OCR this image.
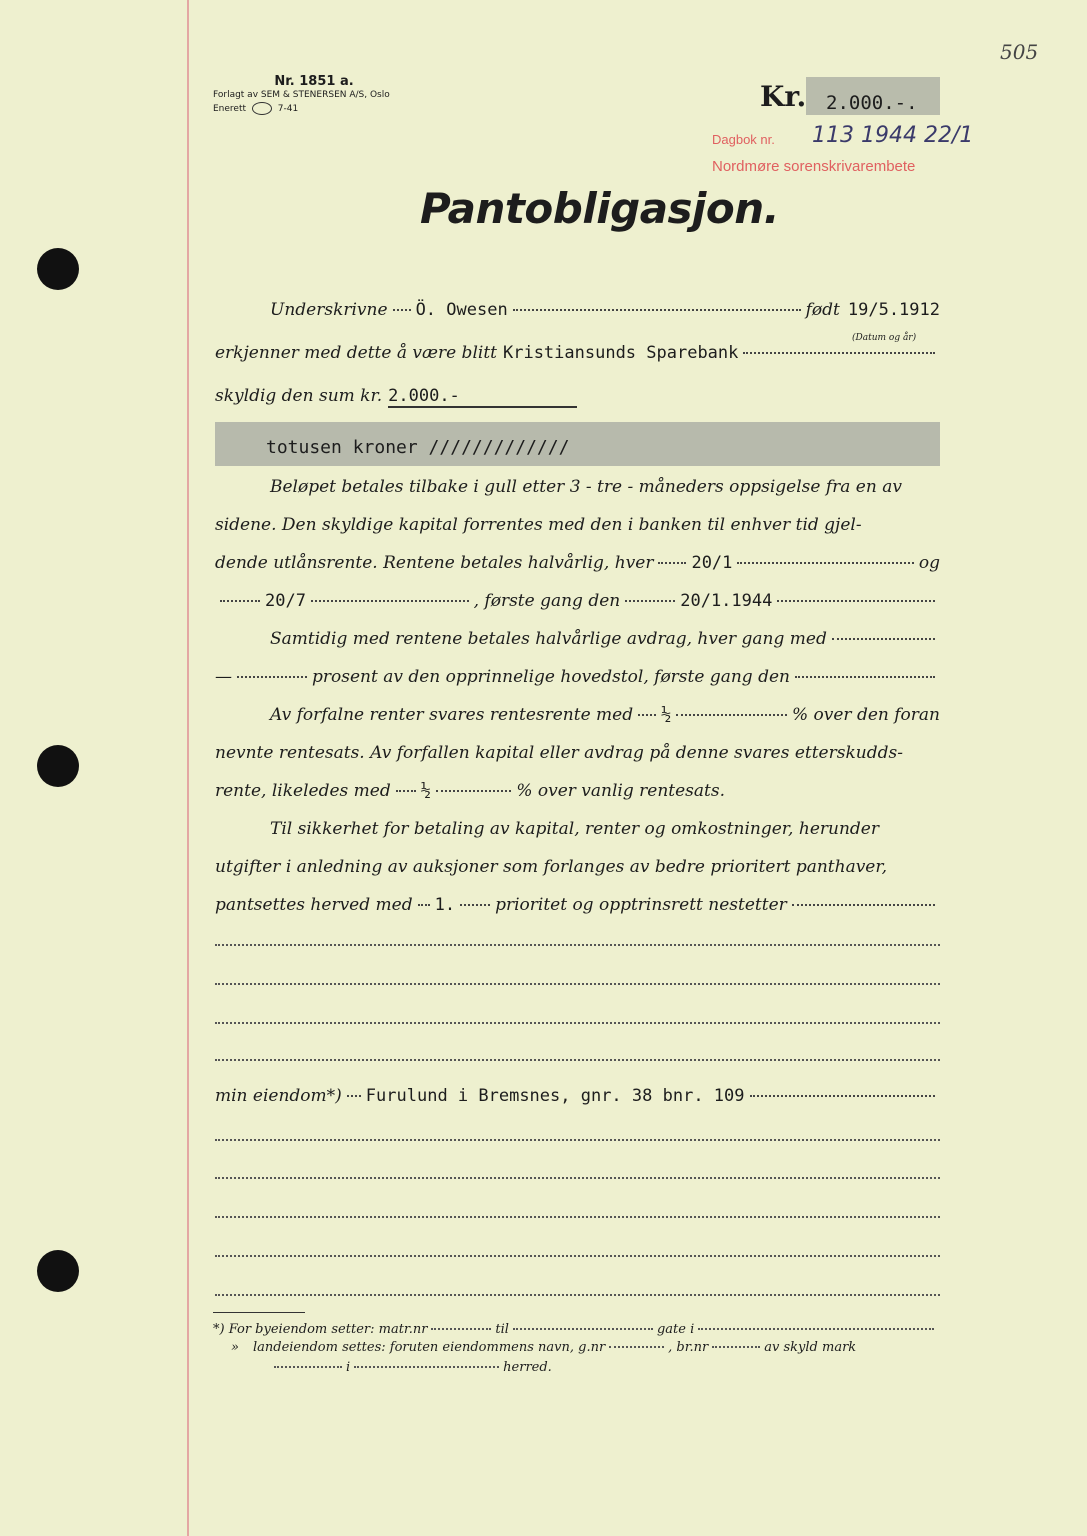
505
Nr. 1851 a.
Forlagt av SEM & STENERSEN A/S, Oslo
Enerett	7-41	Kr. 2.000.-.
Dagbok nr. 113 1944 22/1
Nordmøre sorenskrivarembete
Pantobligasjon.
Underskrivne Ö. Owesen	født 19/5.1912
(Datum og år)
erkjenner med dette å være blitt Kristiansunds Sparebank
skyldig den sum kr. 2.000.-
totusen kroner /////////////
Beløpet betales tilbake i gull etter 3 - tre - måneders oppsigelse fra en av
sidene. Den skyldige kapital forrentes med den i banken til enhver tid gjel-
dende utlånsrente. Rentene betales halvårlig, hver 20/1	og
20/7	, første gang den	20/1.1944
Samtidig med rentene betales halvårlige avdrag, hver gang med
—	prosent av den opprinnelige hovedstol, første gang den
Av forfalne renter svares rentesrente med ½	% over den foran
nevnte rentesats. Av forfallen kapital eller avdrag på denne svares etterskudds-
rente, likeledes med ½	% over vanlig rentesats.
Til sikkerhet for betaling av kapital, renter og omkostninger, herunder
utgifter i anledning av auksjoner som forlanges av bedre prioritert panthaver,
pantsettes herved med 1. prioritet og opptrinsrett nestetter
min eiendom*) Furulund i Bremsnes, gnr. 38 bnr. 109
*) For byeiendom setter: matr.nr	til	gate i
» landeiendom settes: foruten eiendommens navn, g.nr	, br.nr	av skyld mark
i	herred.
